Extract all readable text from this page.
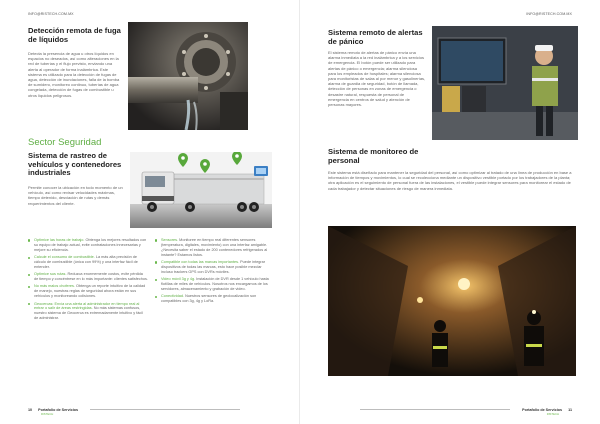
INFO@RISTECH.COM.MX
Detección remota de fuga de líquidos

Detecta la presencia de agua u otros líquidos en espacios no deseados, así como alteraciones en la red de tuberías y el flujo previsto, enviando una alerta al operador de forma inalámbrica. Este sistema es utilizado para la detección de fugas de agua, detección de inundaciones, falla de la bomba de sumidero, monitoreo continuo, tuberías de agua congelada, detección de fugas de combustible u otros líquidos peligrosos.

Sector Seguridad
Sistema de rastreo de vehículos y contenedores industriales

Permite conocer la ubicación en todo momento de un vehículo, así como revisar velocidades máximas, tiempo detenido, desviación de rutas y demás requerimientos del cliente.

Optimice las horas de trabajo. Obtenga los mejores resultados con su equipo de trabajo actual, evite contrataciones innecesarias y mejore su eficiencia.
Calcule el consumo de combustible. La más alta precisión de cálculo de combustible (única con 99%) y una interfaz fácil de entender.
Optimice sus rutas. Reduzca enormemente costos, evite pérdida de tiempo y concéntrese en lo más importante: clientes satisfechos.
No más malos choferes. Obtenga un reporte intuitivo de la calidad de manejo, nuestras reglas de seguridad ahora están en sus vehículos y monitoreando colisiones.
Geocercas: Envía una alerta al administrador en tiempo real al entrar o salir de áreas restringidas. No más sistemas confusos, nuestro sistema de Geocerca es extremadamente intuitivo y fácil de administrar.
Sensores. Monitoree en tiempo real diferentes sensores (temperatura, digitales, movimiento) con una interfaz amigable. ¿Necesita saber el estado de 200 contenedores refrigerados al instante? Estamos listos.
Compatible con todas las marcas importantes. Puede integrar dispositivos de todas las marcas, esto hace posible mezclar incluso trackers GPS con DVRs móviles.
Video móvil 3g y 4g. Instalación de DVR desde 1 vehículo hasta flotillas de miles de vehículos. Nosotros nos encargamos de los servidores, almacenamiento y grabación de video.
Conectividad. Nuestros sensores de geolocalización son compatibles con 3g, 4g y LoRa.
10 Portafolio de Servicios
RISTECH
INFO@RISTECH.COM.MX
Sistema remoto de alertas de pánico

El sistema remoto de alertas de pánico envía una alarma inmediata a la red inalámbrica y a los servicios de emergencia. El botón puede ser utilizado para alertas de pánico o emergencia; alarma silenciosa para los empleados de hospitales; alarma silenciosa para monitoristas de salas al por menor y gasolinerías, alarma de guardia de seguridad, botón de llamada, detección de personas en zonas de emergencia o desastre natural, respuesta de personal de emergencia en centros de salud y atención de personas mayores.

Sistema de monitoreo de personal

Este sistema está diseñado para mantener la seguridad del personal, así como optimizar al tratado de una línea de producción en base a información de tiempos y movimientos, lo cual se recolecciona mediante un dispositivo vestible portado por los trabajadores de la planta; otra aplicación es el seguimiento de personal fuera de las instalaciones, el vestible puede integrar sensores para monitorear el estado de cada trabajador y detectar situaciones de riesgo de manera inmediata.

Portafolio de Servicios 11
RISTECH
